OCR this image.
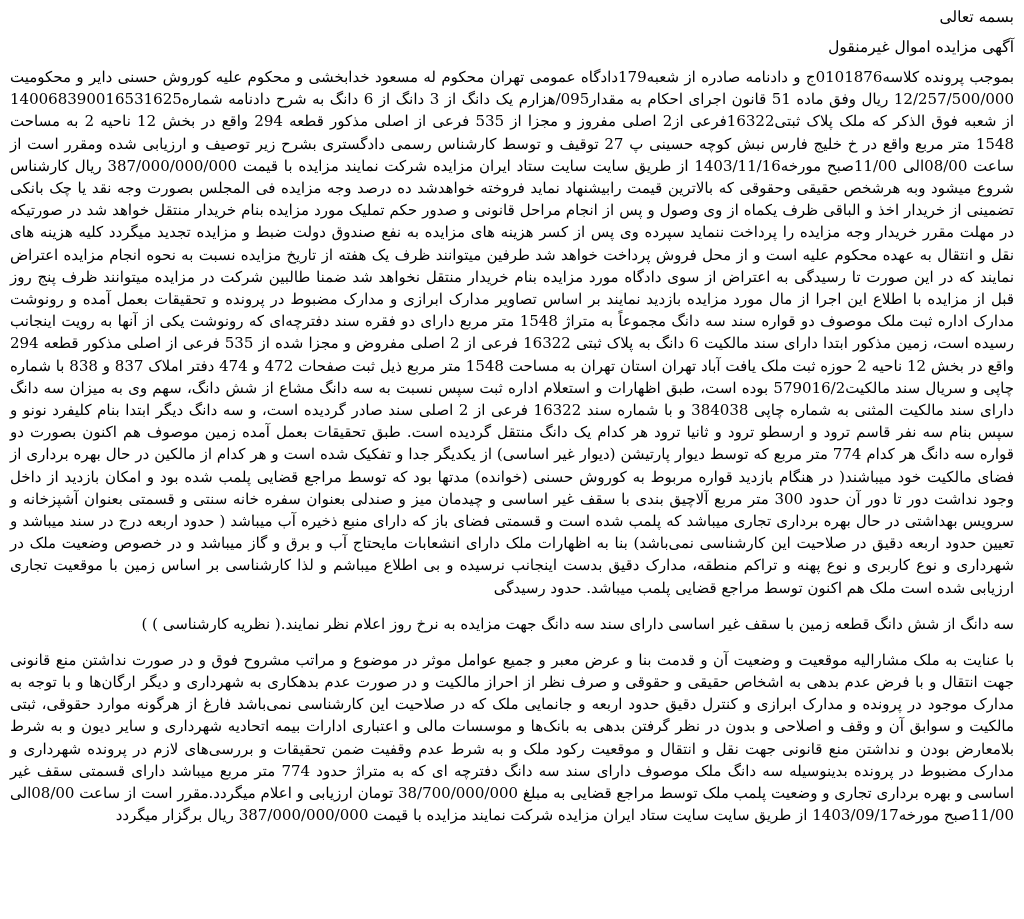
بسمه تعالی

آگهی مزایده اموال غیرمنقول

بموجب پرونده کلاسه0101876ج و دادنامه صادره از شعبه179دادگاه عمومی تهران محکوم له مسعود خدابخشی و محکوم علیه کوروش حسنی دایر و محکومیت 12/257/500/000 ریال وفق ماده 51 قانون اجرای احکام به مقدار095/هزارم یک دانگ از 3 دانگ از 6 دانگ به شرح دادنامه شماره140068390016531625 از شعبه فوق الذکر که ملک پلاک ثبتی16322فرعی از2 اصلی مفروز و مجزا از 535 فرعی از اصلی مذکور قطعه 294 واقع در بخش 12 ناحیه 2 به مساحت 1548 متر مربع واقع در خ خلیج فارس نبش کوچه حسینی پ 27 توقیف و توسط کارشناس رسمی دادگستری بشرح زیر توصیف و ارزیابی شده ومقرر است از ساعت 08/00الی 11/00صبح مورخه1403/11/16 از طریق سایت سایت ستاد ایران مزایده شرکت نمایند مزایده با قیمت 387/000/000/000 ریال کارشناس شروع میشود وبه هرشخص حقیقی وحقوقی که بالاترین قیمت رابیشنهاد نماید فروخته خواهدشد ده درصد وجه مزایده فی المجلس بصورت وجه نقد یا چک بانکی تضمینی از خریدار اخذ و الباقی ظرف یکماه از وی وصول و پس از انجام مراحل قانونی و صدور حکم تملیک مورد مزایده بنام خریدار منتقل خواهد شد در صورتیکه در مهلت مقرر خریدار وجه مزایده را پرداخت ننماید سپرده وی پس از کسر هزینه های مزایده به نفع صندوق دولت ضبط و مزایده تجدید میگردد کلیه هزینه های نقل و انتقال به عهده محکوم علیه است و از محل فروش پرداخت خواهد شد طرفین میتوانند ظرف یک هفته از تاریخ مزایده نسبت به نحوه انجام مزایده اعتراض نمایند که در این صورت تا رسیدگی به اعتراض از سوی دادگاه مورد مزایده بنام خریدار منتقل نخواهد شد ضمنا طالبین شرکت در مزایده میتوانند ظرف پنج روز قبل از مزایده با اطلاع این اجرا از مال مورد مزایده بازدید نمایند بر اساس تصاویر مدارک ابرازی و مدارک مضبوط در پرونده و تحقیقات بعمل آمده و رونوشت مدارک اداره ثبت ملک موصوف دو قواره سند سه دانگ مجموعاً به متراژ 1548 متر مربع دارای دو فقره سند دفترچه‌ای که رونوشت یکی از آنها به رویت اینجانب رسیده است، زمین مذکور ابتدا دارای سند مالکیت 6 دانگ به پلاک ثبتی 16322 فرعی از 2 اصلی مفروض و مجزا شده از 535 فرعی از اصلی مذکور قطعه 294 واقع در بخش 12 ناحیه 2 حوزه ثبت ملک یافت آباد تهران استان تهران به مساحت 1548 متر مربع ذیل ثبت صفحات 472 و 474 دفتر املاک 837 و 838 با شماره چاپی و سریال سند مالکیت579016/2 بوده است، طبق اظهارات و استعلام اداره ثبت سپس نسبت به سه دانگ مشاع از شش دانگ، سهم وی به میزان سه دانگ دارای سند مالکیت المثنی به شماره چاپی 384038 و با شماره سند 16322 فرعی از 2 اصلی سند صادر گردیده است، و سه دانگ دیگر ابتدا بنام کلیفرد نونو و سپس بنام سه نفر قاسم ترود و ارسطو ترود و ثانیا ترود هر کدام یک دانگ منتقل گردیده است. طبق تحقیقات بعمل آمده زمین موصوف هم اکنون بصورت دو قواره سه دانگ هر کدام 774 متر مربع که توسط دیوار پارتیشن (دیوار غیر اساسی) از یکدیگر جدا و تفکیک شده است و هر کدام از مالکین در حال بهره برداری از فضای مالکیت خود میباشند( در هنگام بازدید قواره مربوط به کوروش حسنی (خوانده) مدتها بود که توسط مراجع قضایی پلمب شده بود و امکان بازدید از داخل وجود نداشت دور تا دور آن حدود 300 متر مربع آلاچیق بندی با سقف غیر اساسی و چیدمان میز و صندلی بعنوان سفره خانه سنتی و قسمتی بعنوان آشپزخانه و سرویس بهداشتی در حال بهره برداری تجاری میباشد که پلمب شده است و قسمتی فضای باز که دارای منبع ذخیره آب میباشد ( حدود اربعه درج در سند میباشد و تعیین حدود اربعه دقیق در صلاحیت این کارشناسی نمی‌باشد) بنا به اظهارات ملک دارای انشعابات مایحتاج آب و برق و گاز میباشد و در خصوص وضعیت ملک در شهرداری و نوع کاربری و نوع پهنه و تراکم منطقه، مدارک دقیق بدست اینجانب نرسیده و بی اطلاع میباشم و لذا کارشناسی بر اساس زمین با موقعیت تجاری ارزیابی شده است ملک هم اکنون توسط مراجع قضایی پلمب میباشد. حدود رسیدگی

سه دانگ از شش دانگ قطعه زمین با سقف غیر اساسی دارای سند سه دانگ جهت مزایده به نرخ روز اعلام نظر نمایند.( نظریه کارشناسی ) )

با عنایت به ملک مشارالیه موقعیت و وضعیت آن و قدمت بنا و عرض معبر و جمیع عوامل موثر در موضوع و مراتب مشروح فوق و در صورت نداشتن منع قانونی جهت انتقال و با فرض عدم بدهی به اشخاص حقیقی و حقوقی و صرف نظر از احراز مالکیت و در صورت عدم بدهکاری به شهرداری و دیگر ارگان‌ها و با توجه به مدارک موجود در پرونده و مدارک ابرازی و کنترل دقیق حدود اربعه و جانمایی ملک که در صلاحیت این کارشناسی نمی‌باشد فارغ از هرگونه موارد حقوقی، ثبتی مالکیت و سوابق آن و وقف و اصلاحی و بدون در نظر گرفتن بدهی به بانک‌ها و موسسات مالی و اعتباری ادارات بیمه اتحادیه شهرداری و سایر دیون و به شرط بلامعارض بودن و نداشتن منع قانونی جهت نقل و انتقال و موقعیت رکود ملک و به شرط عدم وقفیت ضمن تحقیقات و بررسی‌های لازم در پرونده شهرداری و مدارک مضبوط در پرونده بدینوسیله سه دانگ ملک موصوف دارای سند سه دانگ دفترچه ای که به متراژ حدود 774 متر مربع میباشد دارای قسمتی سقف غیر اساسی و بهره برداری تجاری و وضعیت پلمب ملک توسط مراجع قضایی به مبلغ 38/700/000/000 تومان ارزیابی و اعلام میگردد.مقرر است از ساعت 08/00الی 11/00صبح مورخه1403/09/17 از طریق سایت سایت ستاد ایران مزایده شرکت نمایند مزایده با قیمت 387/000/000/000 ریال برگزار میگردد
